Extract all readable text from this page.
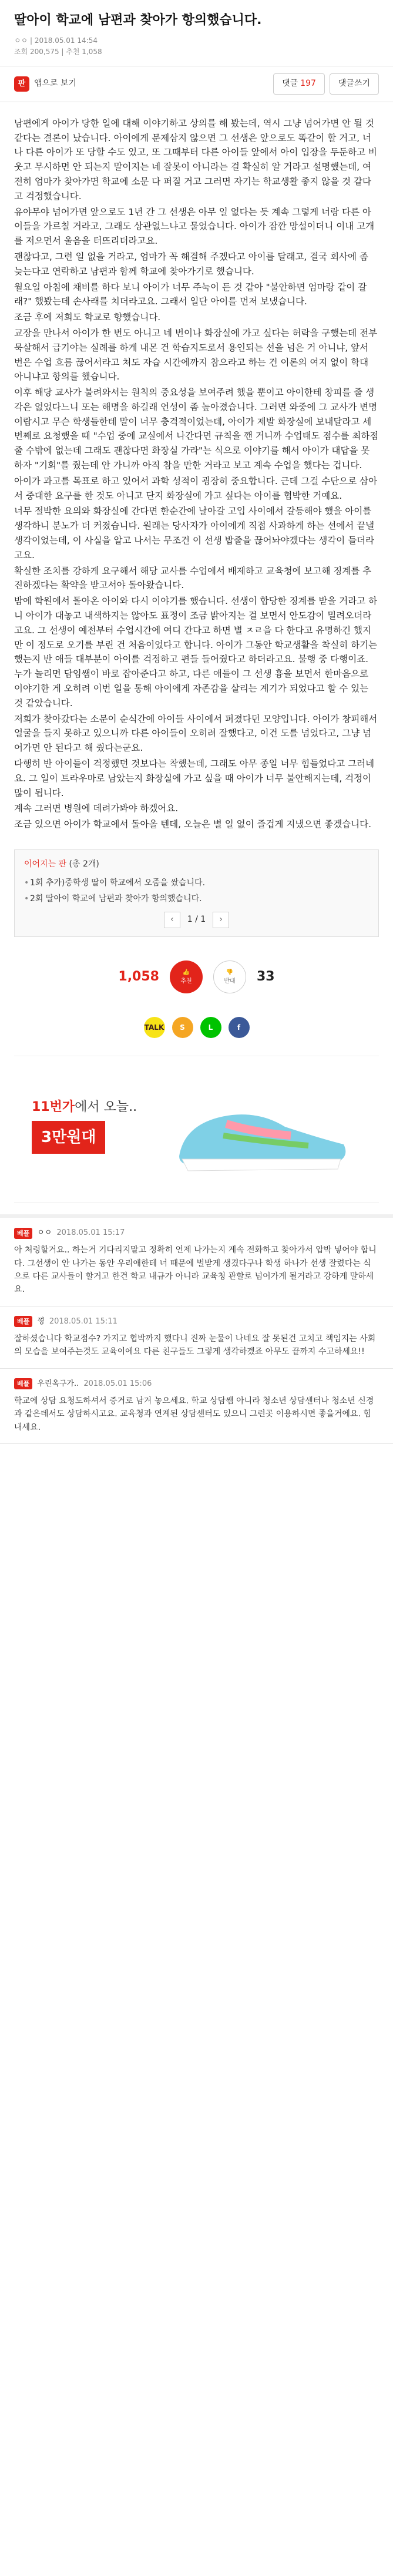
딸아이 학교에 남편과 찾아가 항의했습니다.
ㅇㅇ | 2018.05.01 14:54
조회 200,575 | 추천 1,058
판	앱으로 보기	댓글 197	댓글쓰기

남편에게 아이가 당한 일에 대해 이야기하고 상의를 해 봤는데, 역시 그냥 넘어가면 안 될 것 같다는 결론이 났습니다. 아이에게 문제삼지 않으면 그 선생은 앞으로도 똑같이 할 거고, 너나 다른 아이가 또 당할 수도 있고, 또 그때부터 다른 아이들 앞에서 아이 입장을 두둔하고 비웃고 무시하면 안 되는지 말이지는 네 잘못이 아니라는 걸 확실히 알 거라고 설명했는데, 여전히 엄마가 찾아가면 학교에 소문 다 퍼질 거고 그러면 자기는 학교생활 좋지 않을 것 같다고 걱정했습니다.

유야무야 넘어가면 앞으로도 1년 간 그 선생은 아무 일 없다는 듯 계속 그렇게 너랑 다른 아이들을 가르칠 거라고, 그래도 상관없느냐고 물었습니다. 아이가 잠깐 망설이더니 이내 고개를 저으면서 울음을 터뜨리더라고요.

괜찮다고, 그런 일 없을 거라고, 엄마가 꼭 해결해 주겠다고 아이를 달래고, 결국 회사에 좀 늦는다고 연락하고 남편과 함께 학교에 찾아가기로 했습니다.

월요일 아침에 채비를 하다 보니 아이가 너무 주눅이 든 것 같아 "불안하면 엄마랑 같이 갈래?" 했봤는데 손사래를 치더라고요. 그래서 일단 아이를 먼저 보냈습니다.

조금 후에 저희도 학교로 향했습니다.

교장을 만나서 아이가 한 번도 아니고 네 번이나 화장실에 가고 싶다는 허락을 구했는데 전부 묵살해서 급기야는 실례를 하게 내몬 건 학습지도로서 용인되는 선을 넘은 거 아니냐, 앞서 번은 수업 흐름 끊어서라고 쳐도 자습 시간에까지 참으라고 하는 건 이론의 여지 없이 학대 아니냐고 항의를 했습니다.

이후 해당 교사가 불려와서는 원칙의 중요성을 보여주려 했을 뿐이고 아이한테 창피를 줄 생각은 없었다느니 또는 해명을 하길래 언성이 좀 높아졌습니다. 그러면 와중에 그 교사가 변명이랍시고 무슨 학생들한테 말이 너무 충격적이었는데, 아이가 제발 화장실에 보내달라고 세 번째로 요청했을 때 "수업 중에 교실에서 나간다면 규칙을 깬 거니까 수업태도 점수를 최하점 줄 수밖에 없는데 그래도 괜찮다면 화장실 가라"는 식으로 이야기를 해서 아이가 대답을 못 하자 "기회"를 줬는데 안 가니까 아직 참을 만한 거라고 보고 계속 수업을 했다는 겁니다.

아이가 과고를 목표로 하고 있어서 과학 성적이 굉장히 중요합니다. 근데 그걸 수단으로 삼아서 중대한 요구를 한 것도 아니고 단지 화장실에 가고 싶다는 아이를 협박한 거예요.

너무 절박한 요의와 화장실에 간다면 한순간에 날아갈 고입 사이에서 갈등해야 했을 아이를 생각하니 분노가 더 커졌습니다. 원래는 당사자가 아이에게 직접 사과하게 하는 선에서 끝낼 생각이었는데, 이 사실을 알고 나서는 무조건 이 선생 밥줄을 끊어놔야겠다는 생각이 들더라고요.

확실한 조치를 강하게 요구해서 해당 교사를 수업에서 배제하고 교육청에 보고해 징계를 추진하겠다는 확약을 받고서야 돌아왔습니다.

밤에 학원에서 돌아온 아이와 다시 이야기를 했습니다. 선생이 합당한 징계를 받을 거라고 하니 아이가 대놓고 내색하지는 않아도 표정이 조금 밝아지는 걸 보면서 안도감이 밀려오더라고요. 그 선생이 예전부터 수업시간에 여디 간다고 하면 별 ㅈㄹ을 다 한다고 유명하긴 했지만 이 정도로 오기를 부린 건 처음이었다고 합니다. 아이가 그동안 학교생활을 착실히 하기는 했는지 반 애들 대부분이 아이를 걱정하고 편들 들어줬다고 하더라고요. 불행 중 다행이죠. 누가 놀리면 담임쌤이 바로 잡아준다고 하고, 다른 애들이 그 선생 흉을 보면서 한마음으로 이야기한 게 오히려 이번 일을 통해 아이에게 자존감을 살리는 계기가 되었다고 할 수 있는 것 같았습니다.

저희가 찾아갔다는 소문이 순식간에 아이들 사이에서 퍼졌다던 모양입니다. 아이가 창피해서 얼굴을 들지 못하고 있으니까 다른 아이들이 오히려 잘했다고, 이건 도를 넘었다고, 그냥 넘어가면 안 된다고 해 줬다는군요.

다행히 반 아이들이 걱정했던 것보다는 착했는데, 그래도 아무 종일 너무 힘들었다고 그러네요. 그 일이 트라우마로 남았는지 화장실에 가고 싶을 때 아이가 너무 불안해지는데, 걱정이 많이 됩니다.

계속 그러면 병원에 데려가봐야 하겠어요.

조금 있으면 아이가 학교에서 돌아올 텐데, 오늘은 별 일 없이 즐겁게 지냈으면 좋겠습니다.

이어지는 판 (총 2개)
• 1회 추가)중학생 딸이 학교에서 오줌을 쌌습니다.
• 2회 딸아이 학교에 남편과 찾아가 항의했습니다.
‹	1 / 1	›
1,058	👍
추천
👎
반대 33
TALK	S	L	f
11번가에서 오늘..
3만원대
베플	ㅇㅇ 2018.05.01 15:17
아 처렁할거요.. 하는거 기다리지말고 정확히 언제 나가는지 계속 전화하고 찾아가서 압박 넣어야 합니다. 그선생이 안 나가는 동안 우리애한테 너 때문에 벌받게 생겼다구나 학생 하나가 선생 잘렸다는 식으로 다른 교사들이 할거고 한건 학교 내규가 아니라 교육청 관할로 넘어가게 될거라고 강하게 말하세요.
베플	꼉 2018.05.01 15:11
잘하셨습니다 학교점수? 가지고 협박까지 했다니 진짜 눈물이 나네요 잘 못된건 고치고 책임지는 사회의 모습을 보여주는것도 교육이에요 다른 친구들도 그렇게 생각하겠죠 아무도 끝까지 수고하세요!!
베플	우린옥구가.. 2018.05.01 15:06
학교에 상담 요청도하셔서 증거로 남겨 놓으세요. 학교 상담쌤 아니라 청소년 상담센터나 청소년 신경과 같은데서도 상담하시고요. 교육청과 연계된 상담센터도 있으니 그런곳 이용하시면 좋을거에요. 힘내세요.
